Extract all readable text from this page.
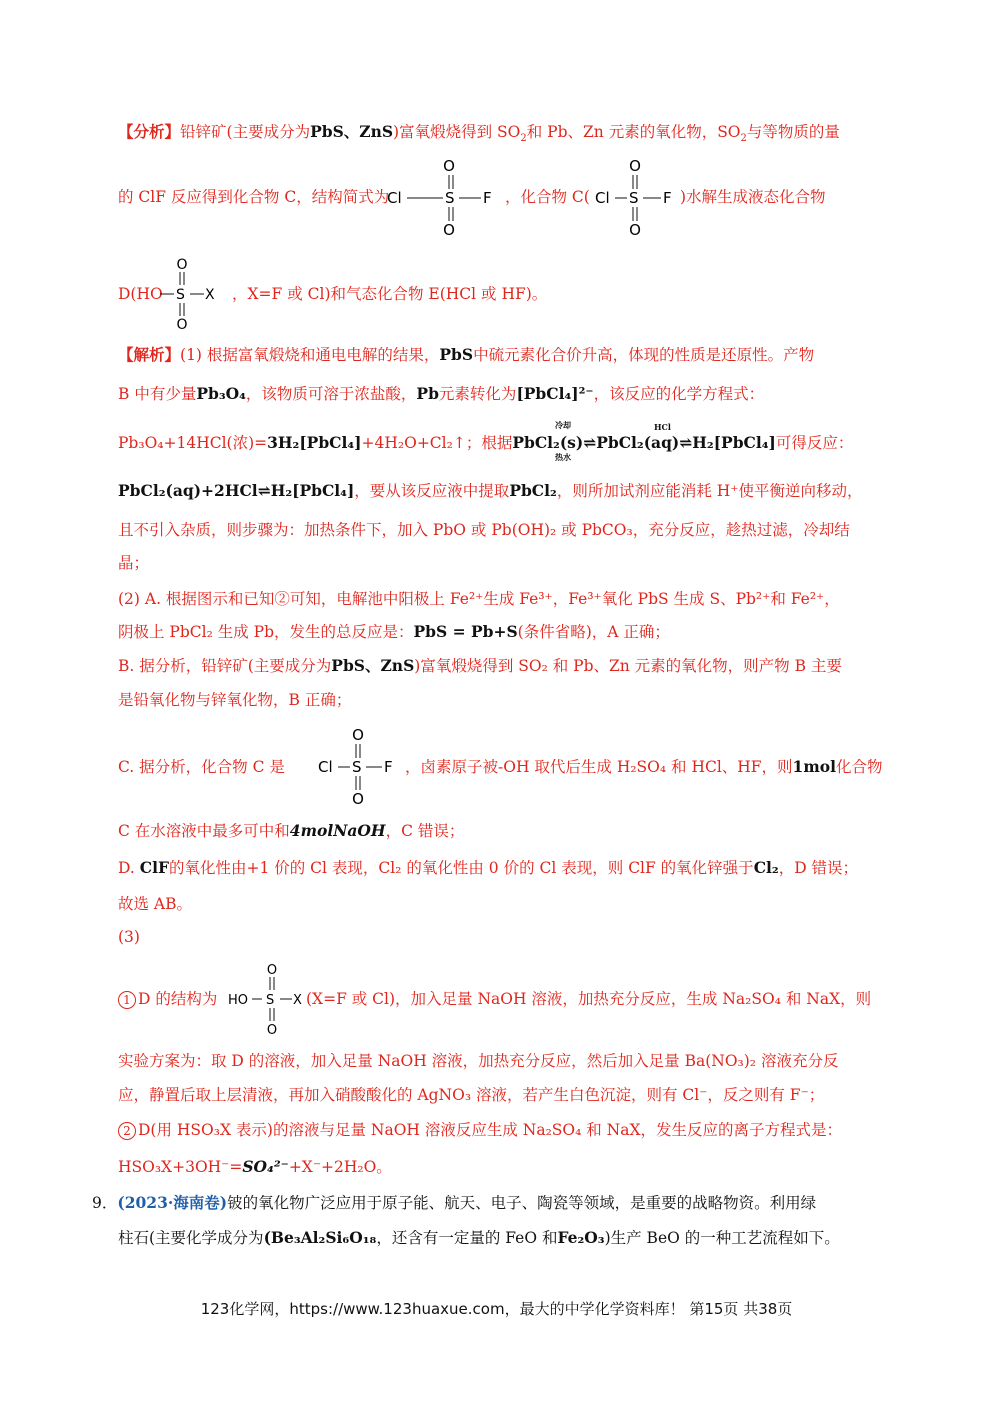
【分析】铅锌矿(主要成分为PbS、ZnS)富氧煅烧得到 $SO_2$和 Pb、Zn 元素的氧化物，$SO_2$与等物质的量
的 ClF 反应得到化合物 C，结构简式为
O
Cl	S F
O
，化合物 C(
O
Cl S F
O
)水解生成液态化合物
D(HO
O
S X
O
，X=F 或 Cl)和气态化合物 E(HCl 或 HF)。
【解析】(1) 根据富氧煅烧和通电电解的结果，PbS中硫元素化合价升高，体现的性质是还原性。产物
B 中有少量Pb₃O₄，该物质可溶于浓盐酸，Pb元素转化为[PbCl₄]²⁻，该反应的化学方程式：
Pb₃O₄+14HCl(浓)=3H₂[PbCl₄]+4H₂O+Cl₂↑；根据PbCl₂(s)⇌PbCl₂(aq)⇌H₂[PbCl₄]可得反应：
冷却
热水
HCl
PbCl₂(aq)+2HCl⇌H₂[PbCl₄]，要从该反应液中提取PbCl₂，则所加试剂应能消耗 H⁺使平衡逆向移动，
且不引入杂质，则步骤为：加热条件下，加入 PbO 或 Pb(OH)₂ 或 PbCO₃，充分反应，趁热过滤，冷却结
晶；
(2) A. 根据图示和已知②可知，电解池中阳极上 Fe²⁺生成 Fe³⁺，Fe³⁺氧化 PbS 生成 S、Pb²⁺和 Fe²⁺，
阴极上 PbCl₂ 生成 Pb，发生的总反应是：PbS = Pb+S(条件省略)，A 正确；
B. 据分析，铅锌矿(主要成分为PbS、ZnS)富氧煅烧得到 SO₂ 和 Pb、Zn 元素的氧化物，则产物 B 主要
是铅氧化物与锌氧化物，B 正确；
C. 据分析，化合物 C 是
O
Cl S F
O
，卤素原子被-OH 取代后生成 H₂SO₄ 和 HCl、HF，则1mol化合物
C 在水溶液中最多可中和4molNaOH，C 错误；
D. ClF的氧化性由+1 价的 Cl 表现，Cl₂ 的氧化性由 0 价的 Cl 表现，则 ClF 的氧化锌强于Cl₂，D 错误；
故选 AB。
(3)
1 D 的结构为 HO
O
S X
O
(X=F 或 Cl)，加入足量 NaOH 溶液，加热充分反应，生成 Na₂SO₄ 和 NaX，则
实验方案为：取 D 的溶液，加入足量 NaOH 溶液，加热充分反应，然后加入足量 Ba(NO₃)₂ 溶液充分反
应，静置后取上层清液，再加入硝酸酸化的 AgNO₃ 溶液，若产生白色沉淀，则有 Cl⁻，反之则有 F⁻；
2 D(用 HSO₃X 表示)的溶液与足量 NaOH 溶液反应生成 Na₂SO₄ 和 NaX，发生反应的离子方程式是：
HSO₃X+3OH⁻=SO₄²⁻+X⁻+2H₂O。
9．(2023·海南卷)铍的氧化物广泛应用于原子能、航天、电子、陶瓷等领域，是重要的战略物资。利用绿
柱石(主要化学成分为(Be₃Al₂Si₆O₁₈，还含有一定量的 FeO 和Fe₂O₃)生产 BeO 的一种工艺流程如下。
123化学网，https://www.123huaxue.com，最大的中学化学资料库！ 第15页 共38页
